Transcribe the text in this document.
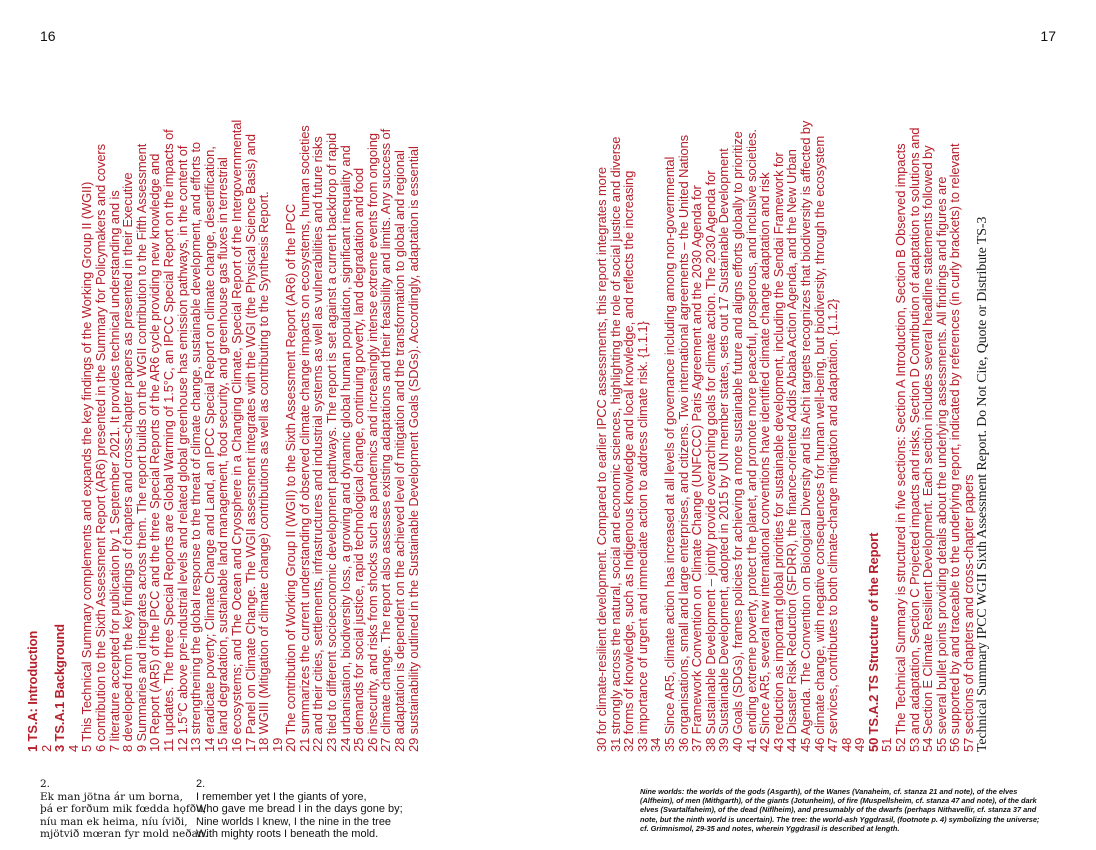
16	17
1 TS.A: Introduction
2
3 TS.A.1 Background
4
5 This Technical Summary complements and expands the key findings of the Working Group II (WGII)
6 contribution to the Sixth Assessment Report (AR6) presented in the Summary for Policymakers and covers
7 literature accepted for publication by 1 September 2021. It provides technical understanding and is
8 developed from the key findings of chapters and cross-chapter papers as presented in their Executive
9 Summaries and integrates across them. The report builds on the WGII contribution to the Fifth Assessment
10 Report (AR5) of the IPCC and the three Special Reports of the AR6 cycle providing new knowledge and
11 updates. The three Special Reports are Global Warming of 1.5°C, an IPCC Special Report on the impacts of
12 1.5°C above pre-industrial levels and related global greenhouse has emission pathways, in the content of
13 strengthening the global response to the threat of climate change, sustainable development, and efforts to
14 eradicate poverty; Climate Change and Land, an IPCC Special Report on climate change, desertification,
15 land degradation, sustainable land management, food security, and greenhouse gas fluxes in terrestrial
16 ecosystems; and The Ocean and Cryosphere in a Changing Climate, Special Report of the Intergovernmental
17 Panel on Climate Change. The WGII assessment integrates with the WGI (the Physical Science Basis) and
18 WGIII (Mitigation of climate change) contributions as well as contributing to the Synthesis Report.
19
20 The contribution of Working Group II (WGII) to the Sixth Assessment Report (AR6) of the IPCC
21 summarizes the current understanding of observed climate change impacts on ecosystems, human societies
22 and their cities, settlements, infrastructures and industrial systems as well as vulnerabilities and future risks
23 tied to different socioeconomic development pathways. The report is set against a current backdrop of rapid
24 urbanisation, biodiversity loss, a growing and dynamic global human population, significant inequality and
25 demands for social justice, rapid technological change, continuing poverty, land degradation and food
26 insecurity, and risks from shocks such as pandemics and increasingly intense extreme events from ongoing
27 climate change. The report also assesses existing adaptations and their feasibility and limits. Any success of
28 adaptation is dependent on the achieved level of mitigation and the transformation to global and regional
29 sustainability outlined in the Sustainable Development Goals (SDGs). Accordingly, adaptation is essential	30 for climate-resilient development. Compared to earlier IPCC assessments, this report integrates more
31 strongly across the natural, social and economic sciences, highlighting the role of social justice and diverse
32 forms of knowledge, such as Indigenous knowledge and local knowledge, and reflects the increasing
33 importance of urgent and immediate action to address climate risk. {1.1.1}
34
35 Since AR5, climate action has increased at all levels of governance including among non-governmental
36 organisations, small and large enterprises, and citizens. Two international agreements – the United Nations
37 Framework Convention on Climate Change (UNFCCC) Paris Agreement and the 2030 Agenda for
38 Sustainable Development – jointly provide overarching goals for climate action. The 2030 Agenda for
39 Sustainable Development, adopted in 2015 by UN member states, sets out 17 Sustainable Development
40 Goals (SDGs), frames policies for achieving a more sustainable future and aligns efforts globally to prioritize
41 ending extreme poverty, protect the planet, and promote more peaceful, prosperous, and inclusive societies.
42 Since AR5, several new international conventions have identified climate change adaptation and risk
43 reduction as important global priorities for sustainable development, including the Sendai Framework for
44 Disaster Risk Reduction (SFDRR), the finance-oriented Addis Ababa Action Agenda, and the New Urban
45 Agenda. The Convention on Biological Diversity and its Aichi targets recognizes that biodiversity is affected by
46 climate change, with negative consequences for human well-being, but biodiversity, through the ecosystem
47 services, contributes to both climate-change mitigation and adaptation. {1.1.2}
48
49
50 TS.A.2 TS Structure of the Report
51
52 The Technical Summary is structured in five sections: Section A Introduction, Section B Observed impacts
53 and adaptation, Section C Projected impacts and risks, Section D Contribution of adaptation to solutions and
54 Section E Climate Resilient Development. Each section includes several headline statements followed by
55 several bullet points providing details about the underlying assessments. All findings and figures are
56 supported by and traceable to the underlying report, indicated by references (in curly brackets) to relevant
57 sections of chapters and cross-chapter papers
Technical Summary IPCC WGII Sixth Assessment Report. Do Not Cite, Quote or Distribute TS-3
2.
Ek man jötna ár um borna,
þá er forðum mik fœdda hǫfðu;
níu man ek heima, níu íviði,
mjötvið mœran fyr mold neðan.
2.
I remember yet I the giants of yore,
Who gave me bread I in the days gone by;
Nine worlds I knew, I the nine in the tree
With mighty roots I beneath the mold.
Nine worlds: the worlds of the gods (Asgarth), of the Wanes (Vanaheim, cf. stanza 21 and note), of the elves (Alfheim), of men (Mithgarth), of the giants (Jotunheim), of fire (Muspellsheim, cf. stanza 47 and note), of the dark elves (Svartalfaheim), of the dead (Niflheim), and presumably of the dwarfs (perhaps Nithavellir, cf. stanza 37 and note, but the ninth world is uncertain). The tree: the world-ash Yggdrasil, (footnote p. 4) symbolizing the universe; cf. Grimnismol, 29-35 and notes, wherein Yggdrasil is described at length.
